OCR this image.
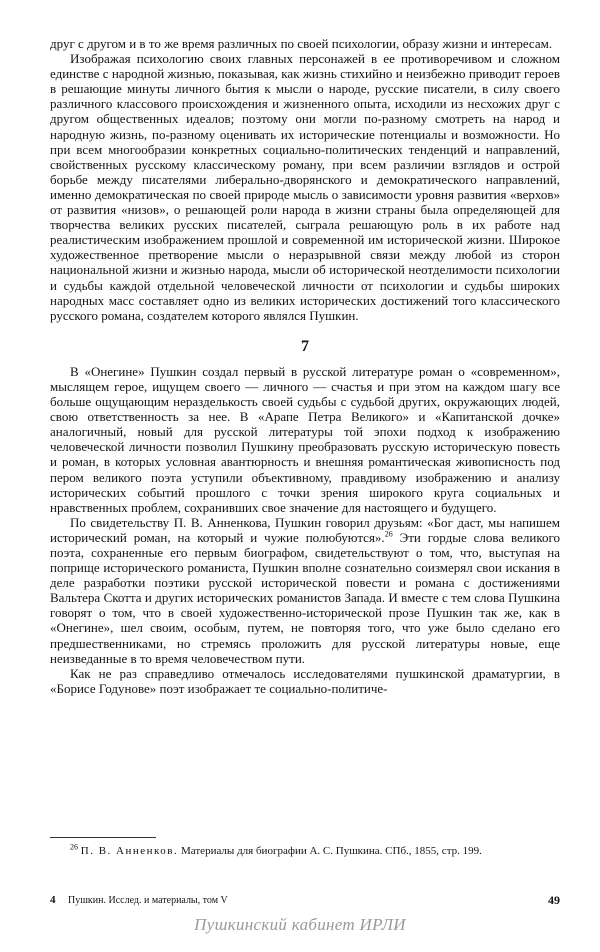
друг с другом и в то же время различных по своей психологии, образу жизни и интересам.

Изображая психологию своих главных персонажей в ее противоречивом и сложном единстве с народной жизнью, показывая, как жизнь стихийно и неизбежно приводит героев в решающие минуты личного бытия к мысли о народе, русские писатели, в силу своего различного классового происхождения и жизненного опыта, исходили из несхожих друг с другом общественных идеалов; поэтому они могли по-разному смотреть на народ и народную жизнь, по-разному оценивать их исторические потенциалы и возможности. Но при всем многообразии конкретных социально-политических тенденций и направлений, свойственных русскому классическому роману, при всем различии взглядов и острой борьбе между писателями либерально-дворянского и демократического направлений, именно демократическая по своей природе мысль о зависимости уровня развития «верхов» от развития «низов», о решающей роли народа в жизни страны была определяющей для творчества великих русских писателей, сыграла решающую роль в их работе над реалистическим изображением прошлой и современной им исторической жизни. Широкое художественное претворение мысли о неразрывной связи между любой из сторон национальной жизни и жизнью народа, мысли об исторической неотделимости психологии и судьбы каждой отдельной человеческой личности от психологии и судьбы широких народных масс составляет одно из великих исторических достижений того классического русского романа, создателем которого являлся Пушкин.

7

В «Онегине» Пушкин создал первый в русской литературе роман о «современном», мыслящем герое, ищущем своего — личного — счастья и при этом на каждом шагу все больше ощущающим неразделькость своей судьбы с судьбой других, окружающих людей, свою ответственность за нее. В «Арапе Петра Великого» и «Капитанской дочке» аналогичный, новый для русской литературы той эпохи подход к изображению человеческой личности позволил Пушкину преобразовать русскую историческую повесть и роман, в которых условная авантюрность и внешняя романтическая живописность под пером великого поэта уступили объективному, правдивому изображению и анализу исторических событий прошлого с точки зрения широкого круга социальных и нравственных проблем, сохранивших свое значение для настоящего и будущего.

По свидетельству П. В. Анненкова, Пушкин говорил друзьям: «Бог даст, мы напишем исторический роман, на который и чужие полюбуются».$^{26}$ Эти гордые слова великого поэта, сохраненные его первым биографом, свидетельствуют о том, что, выступая на поприще исторического романиста, Пушкин вполне сознательно соизмерял свои искания в деле разработки поэтики русской исторической повести и романа с достижениями Вальтера Скотта и других исторических романистов Запада. И вместе с тем слова Пушкина говорят о том, что в своей художественно-исторической прозе Пушкин так же, как в «Онегине», шел своим, особым, путем, не повторяя того, что уже было сделано его предшественниками, но стремясь проложить для русской литературы новые, еще неизведанные в то время человечеством пути.

Как не раз справедливо отмечалось исследователями пушкинской драматургии, в «Борисе Годунове» поэт изображает те социально-политиче-

$^{26}$ П. В. Анненков. Материалы для биографии А. С. Пушкина. СПб., 1855, стр. 199.
4 Пушкин. Исслед. и материалы, том V	49
Пушкинский кабинет ИРЛИ
